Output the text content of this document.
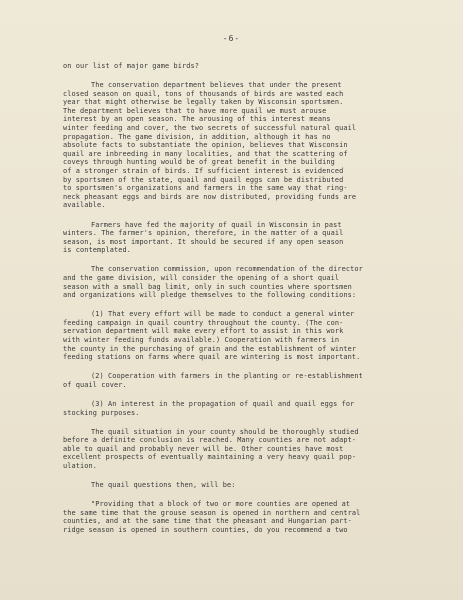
-6-
on our list of major game birds?
The conservation department believes that under the present
closed season on quail, tons of thousands of birds are wasted each
year that might otherwise be legally taken by Wisconsin sportsmen.
The department believes that to have more quail we must arouse
interest by an open season. The arousing of this interest means
winter feeding and cover, the two secrets of successful natural quail
propagation. The game division, in addition, although it has no
absolute facts to substantiate the opinion, believes that Wisconsin
quail are inbreeding in many localities, and that the scattering of
coveys through hunting would be of great benefit in the building
of a stronger strain of birds. If sufficient interest is evidenced
by sportsmen of the state, quail and quail eggs can be distributed
to sportsmen's organizations and farmers in the same way that ring-
neck pheasant eggs and birds are now distributed, providing funds are
available.
Farmers have fed the majority of quail in Wisconsin in past
winters. The farmer's opinion, therefore, in the matter of a quail
season, is most important. It should be secured if any open season
is contemplated.
The conservation commission, upon recommendation of the director
and the game division, will consider the opening of a short quail
season with a small bag limit, only in such counties where sportsmen
and organizations will pledge themselves to the following conditions:
(1) That every effort will be made to conduct a general winter
feeding campaign in quail country throughout the county. (The con-
servation department will make every effort to assist in this work
with winter feeding funds available.) Cooperation with farmers in
the county in the purchasing of grain and the establishment of winter
feeding stations on farms where quail are wintering is most important.
(2) Cooperation with farmers in the planting or re-establishment
of quail cover.
(3) An interest in the propagation of quail and quail eggs for
stocking purposes.
The quail situation in your county should be thoroughly studied
before a definite conclusion is reached. Many counties are not adapt-
able to quail and probably never will be. Other counties have most
excellent prospects of eventually maintaining a very heavy quail pop-
ulation.
The quail questions then, will be:
"Providing that a block of two or more counties are opened at
the same time that the grouse season is opened in northern and central
counties, and at the same time that the pheasant and Hungarian part-
ridge season is opened in southern counties, do you recommend a two
